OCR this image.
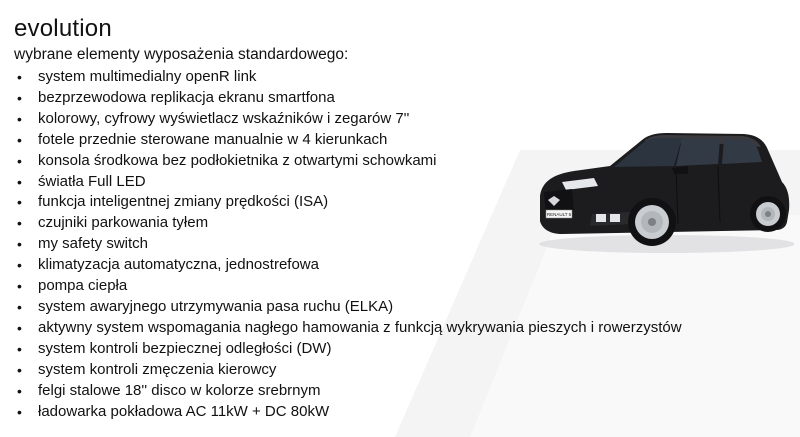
evolution
wybrane elementy wyposażenia standardowego:
• system multimedialny openR link
• bezprzewodowa replikacja ekranu smartfona
• kolorowy, cyfrowy wyświetlacz wskaźników i zegarów 7''
• fotele przednie sterowane manualnie w 4 kierunkach
• konsola środkowa bez podłokietnika z otwartymi schowkami
• światła Full LED
• funkcja inteligentnej zmiany prędkości (ISA)
• czujniki parkowania tyłem
• my safety switch
• klimatyzacja automatyczna, jednostrefowa
• pompa ciepła
• system awaryjnego utrzymywania pasa ruchu (ELKA)
• aktywny system wspomagania nagłego hamowania z funkcją wykrywania pieszych i rowerzystów
• system kontroli bezpiecznej odległości (DW)
• system kontroli zmęczenia kierowcy
• felgi stalowe 18'' disco w kolorze srebrnym
• ładowarka pokładowa AC 11kW + DC 80kW
RENAULT 5
